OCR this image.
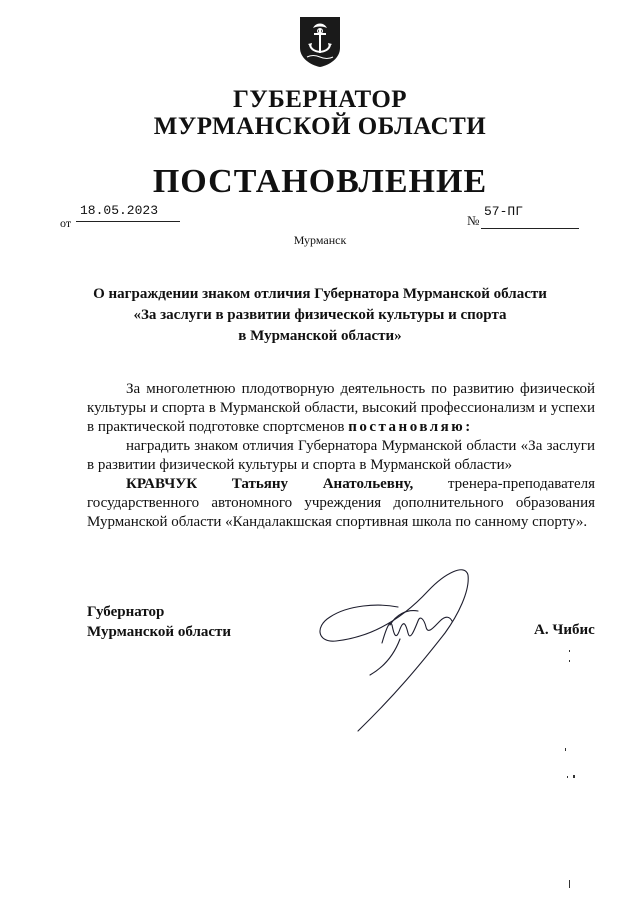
ГУБЕРНАТОР
МУРМАНСКОЙ ОБЛАСТИ
ПОСТАНОВЛЕНИЕ
от
18.05.2023
№
57-ПГ
Мурманск
О награждении знаком отличия Губернатора Мурманской области
«За заслуги в развитии физической культуры и спорта
в Мурманской области»

За многолетнюю плодотворную деятельность по развитию физической культуры и спорта в Мурманской области, высокий профессионализм и успехи в практической подготовке спортсменов постановляю:

наградить знаком отличия Губернатора Мурманской области «За заслуги в развитии физической культуры и спорта в Мурманской области»

КРАВЧУК Татьяну Анатольевну, тренера-преподавателя государственного автономного учреждения дополнительного образования Мурманской области «Кандалакшская спортивная школа по санному спорту».

Губернатор
Мурманской области	А. Чибис
